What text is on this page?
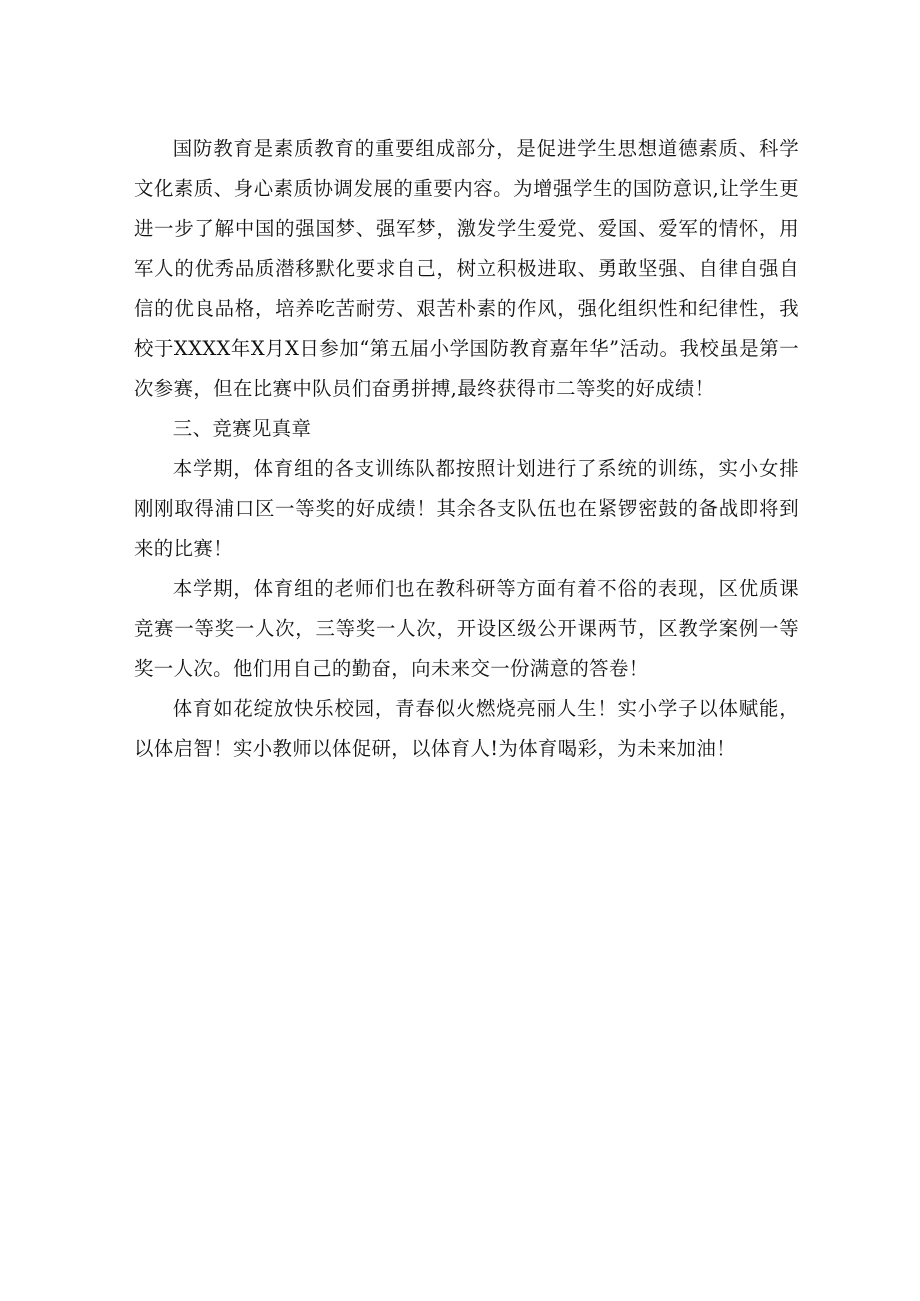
国防教育是素质教育的重要组成部分，是促进学生思想道德素质、科学文化素质、身心素质协调发展的重要内容。为增强学生的国防意识,让学生更进一步了解中国的强国梦、强军梦，激发学生爱党、爱国、爱军的情怀，用军人的优秀品质潜移默化要求自己，树立积极进取、勇敢坚强、自律自强自信的优良品格，培养吃苦耐劳、艰苦朴素的作风，强化组织性和纪律性，我校于XXXX年X月X日参加“第五届小学国防教育嘉年华”活动。我校虽是第一次参赛，但在比赛中队员们奋勇拼搏,最终获得市二等奖的好成绩！

三、竞赛见真章

本学期，体育组的各支训练队都按照计划进行了系统的训练，实小女排刚刚取得浦口区一等奖的好成绩！其余各支队伍也在紧锣密鼓的备战即将到来的比赛！

本学期，体育组的老师们也在教科研等方面有着不俗的表现，区优质课竞赛一等奖一人次，三等奖一人次，开设区级公开课两节，区教学案例一等奖一人次。他们用自己的勤奋，向未来交一份满意的答卷！

体育如花绽放快乐校园，青春似火燃烧亮丽人生！实小学子以体赋能，以体启智！实小教师以体促研，以体育人!为体育喝彩，为未来加油！
